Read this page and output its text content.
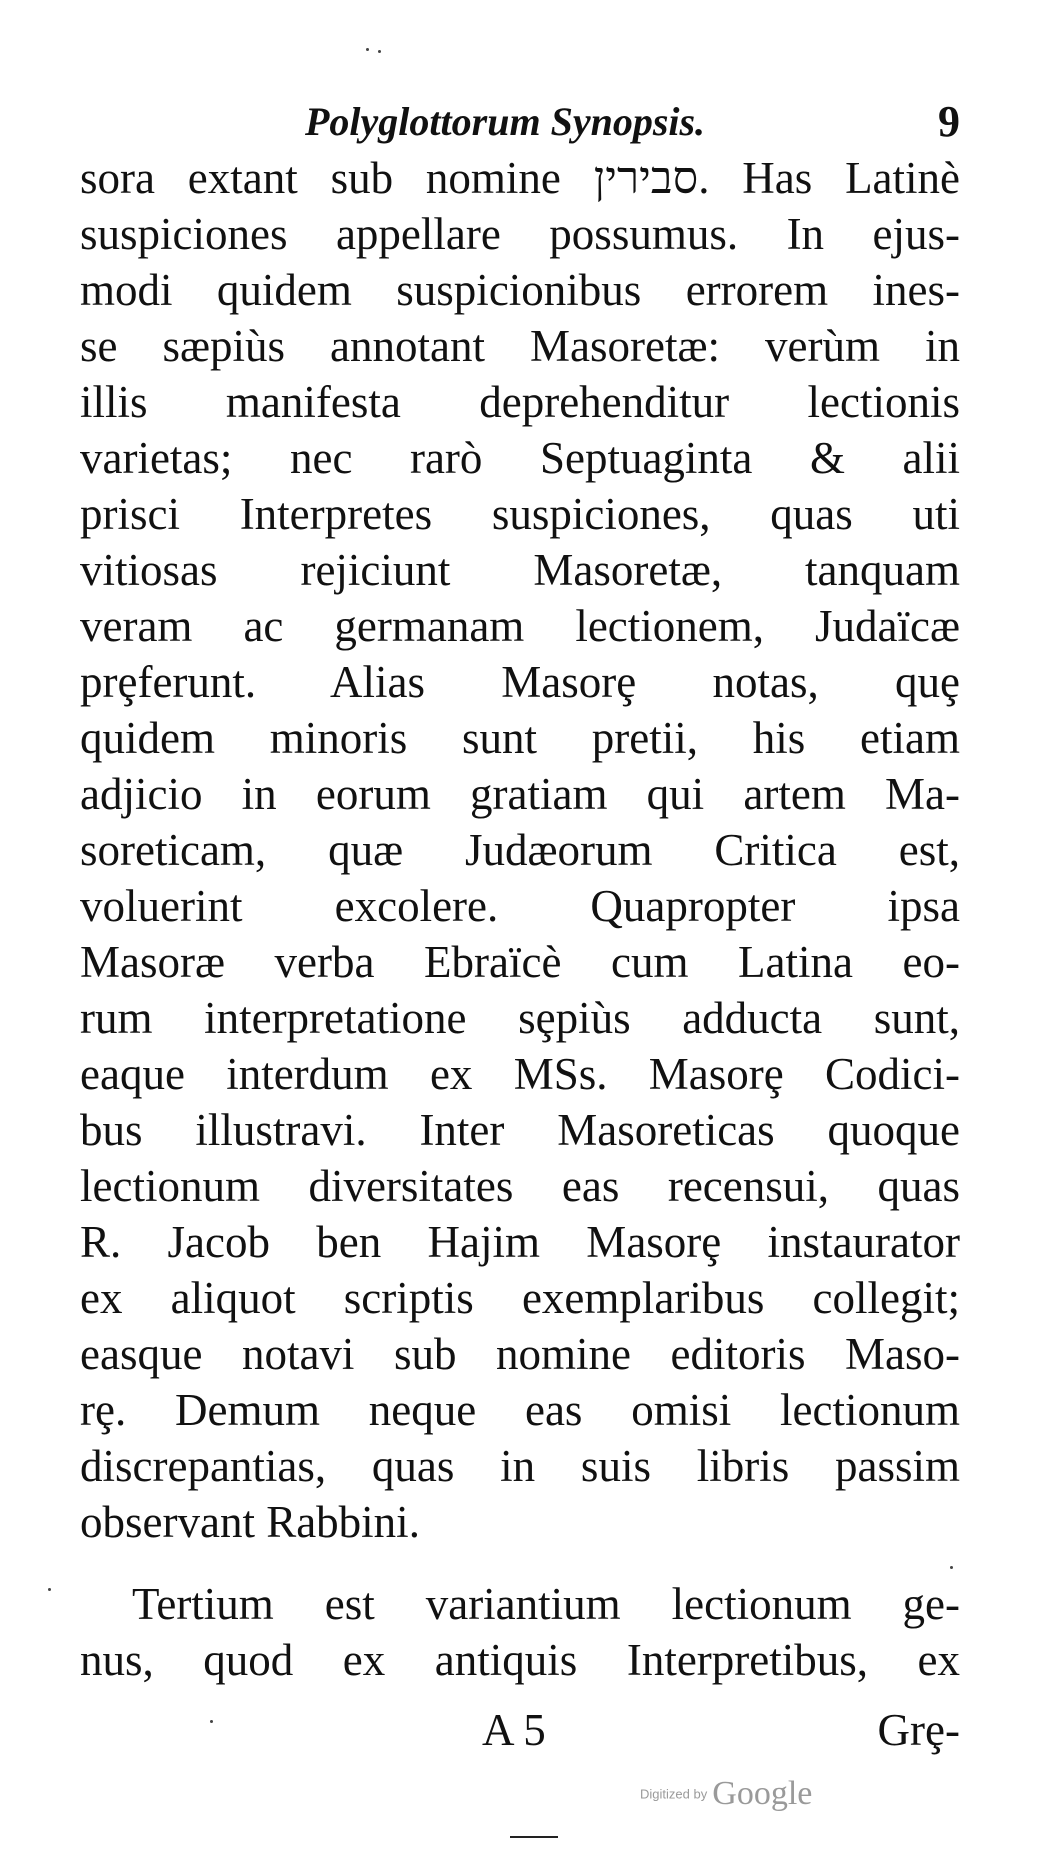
Polyglottorum Synopsis.	9
sora extant sub nomine סבירין. Has Latinè
suspiciones appellare possumus. In ejus-
modi quidem suspicionibus errorem ines-
se sæpiùs annotant Masoretæ: verùm in
illis manifesta deprehenditur lectionis
varietas; nec rarò Septuaginta & alii
prisci Interpretes suspiciones, quas uti
vitiosas rejiciunt Masoretæ, tanquam
veram ac germanam lectionem, Judaïcæ
prȩferunt. Alias Masorȩ notas, quȩ
quidem minoris sunt pretii, his etiam
adjicio in eorum gratiam qui artem Ma-
soreticam, quæ Judæorum Critica est,
voluerint excolere. Quapropter ipsa
Masoræ verba Ebraïcè cum Latina eo-
rum interpretatione sȩpiùs adducta sunt,
eaque interdum ex MSs. Masorȩ Codici-
bus illustravi. Inter Masoreticas quoque
lectionum diversitates eas recensui, quas
R. Jacob ben Hajim Masorȩ instaurator
ex aliquot scriptis exemplaribus collegit;
easque notavi sub nomine editoris Maso-
rȩ. Demum neque eas omisi lectionum
discrepantias, quas in suis libris passim
observant Rabbini.
Tertium est variantium lectionum ge-
nus, quod ex antiquis Interpretibus, ex
A 5	Grȩ-
Digitized by Google
